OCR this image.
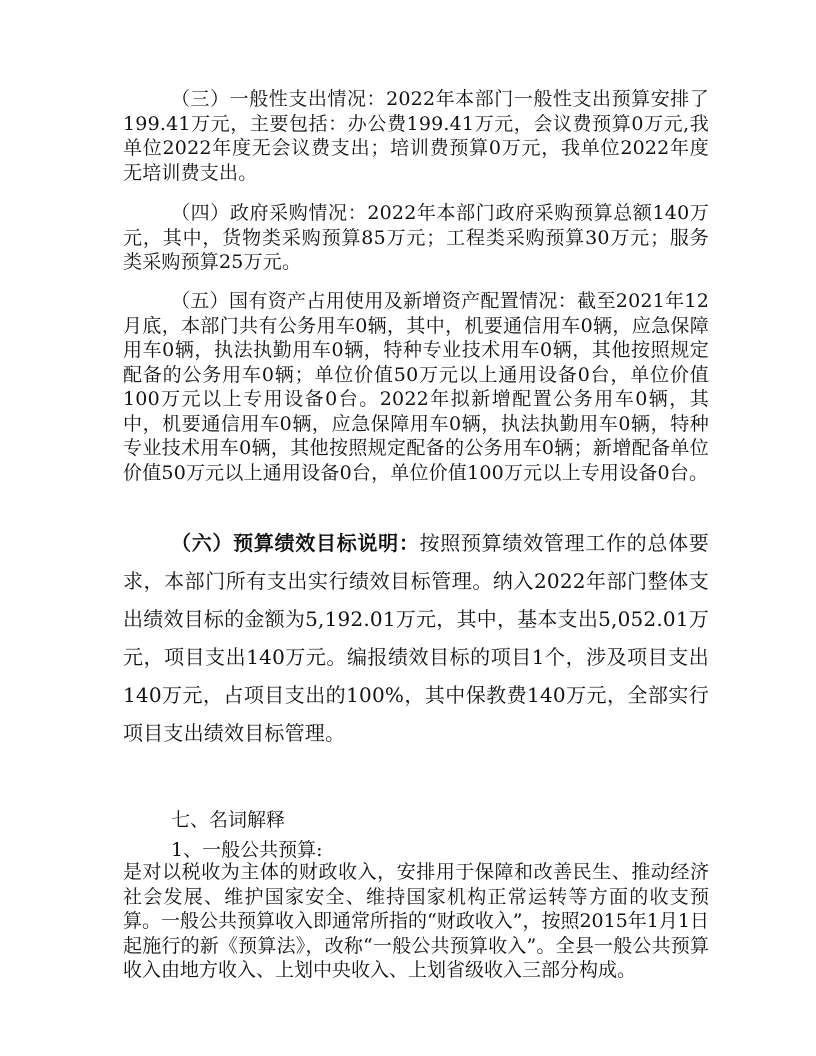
（三）一般性支出情况：2022年本部门一般性支出预算安排了199.41万元，主要包括：办公费199.41万元，会议费预算0万元,我单位2022年度无会议费支出；培训费预算0万元，我单位2022年度无培训费支出。

（四）政府采购情况：2022年本部门政府采购预算总额140万元，其中，货物类采购预算85万元；工程类采购预算30万元；服务类采购预算25万元。

（五）国有资产占用使用及新增资产配置情况：截至2021年12月底，本部门共有公务用车0辆，其中，机要通信用车0辆，应急保障用车0辆，执法执勤用车0辆，特种专业技术用车0辆，其他按照规定配备的公务用车0辆；单位价值50万元以上通用设备0台，单位价值100万元以上专用设备0台。2022年拟新增配置公务用车0辆，其中，机要通信用车0辆，应急保障用车0辆，执法执勤用车0辆，特种专业技术用车0辆，其他按照规定配备的公务用车0辆；新增配备单位价值50万元以上通用设备0台，单位价值100万元以上专用设备0台。

（六）预算绩效目标说明：按照预算绩效管理工作的总体要求，本部门所有支出实行绩效目标管理。纳入2022年部门整体支出绩效目标的金额为5,192.01万元，其中，基本支出5,052.01万元，项目支出140万元。编报绩效目标的项目1个，涉及项目支出140万元，占项目支出的100%，其中保教费140万元，全部实行项目支出绩效目标管理。

七、名词解释
1、一般公共预算:

是对以税收为主体的财政收入，安排用于保障和改善民生、推动经济社会发展、维护国家安全、维持国家机构正常运转等方面的收支预算。一般公共预算收入即通常所指的“财政收入”，按照2015年1月1日起施行的新《预算法》，改称“一般公共预算收入”。全县一般公共预算收入由地方收入、上划中央收入、上划省级收入三部分构成。
